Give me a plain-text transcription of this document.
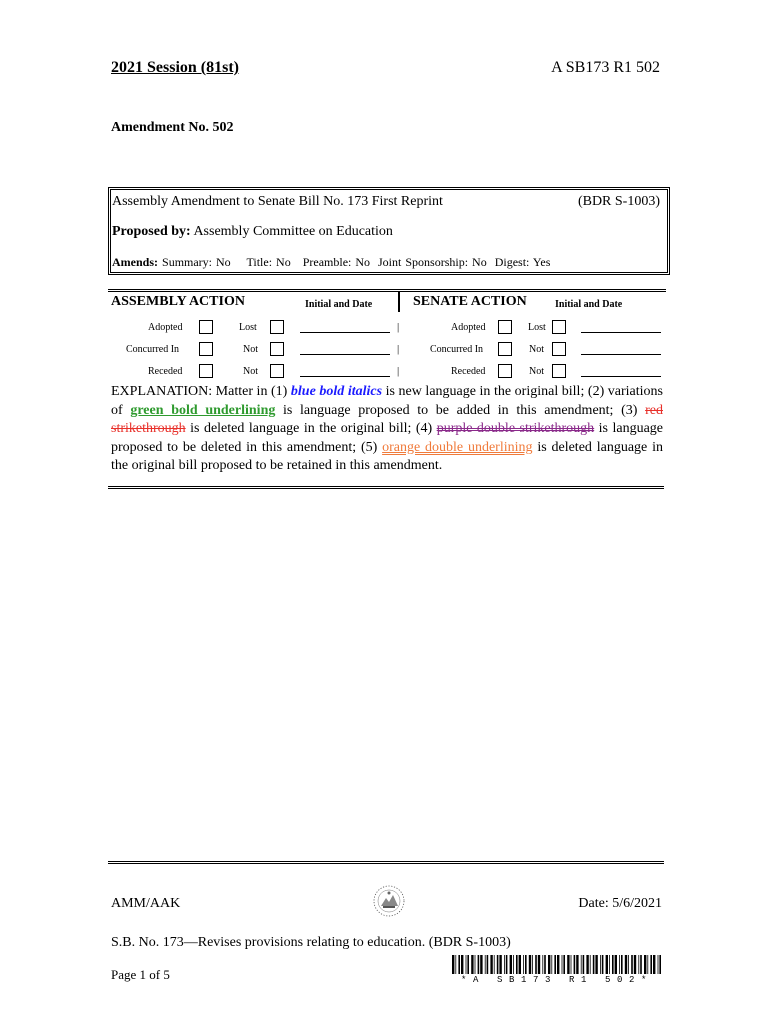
2021 Session (81st)	A SB173 R1 502
Amendment No. 502
Assembly Amendment to Senate Bill No. 173 First Reprint	(BDR S-1003)
Proposed by: Assembly Committee on Education
Amends: Summary: No    Title: No   Preamble: No  Joint Sponsorship: No  Digest: Yes
ASSEMBLY ACTION	Initial and Date	SENATE ACTION	Initial and Date
Adopted	Lost	|	Adopted	Lost
Concurred In	Not	|	Concurred In	Not
Receded	Not	|	Receded	Not
EXPLANATION: Matter in (1) blue bold italics is new language in the original bill; (2) variations of green bold underlining is language proposed to be added in this amendment; (3) red strikethrough is deleted language in the original bill; (4) purple double strikethrough is language proposed to be deleted in this amendment; (5) orange double underlining is deleted language in the original bill proposed to be retained in this amendment.
AMM/AAK	Date: 5/6/2021
S.B. No. 173—Revises provisions relating to education. (BDR S-1003)
Page 1 of 5	*A SB173 R1 502*
